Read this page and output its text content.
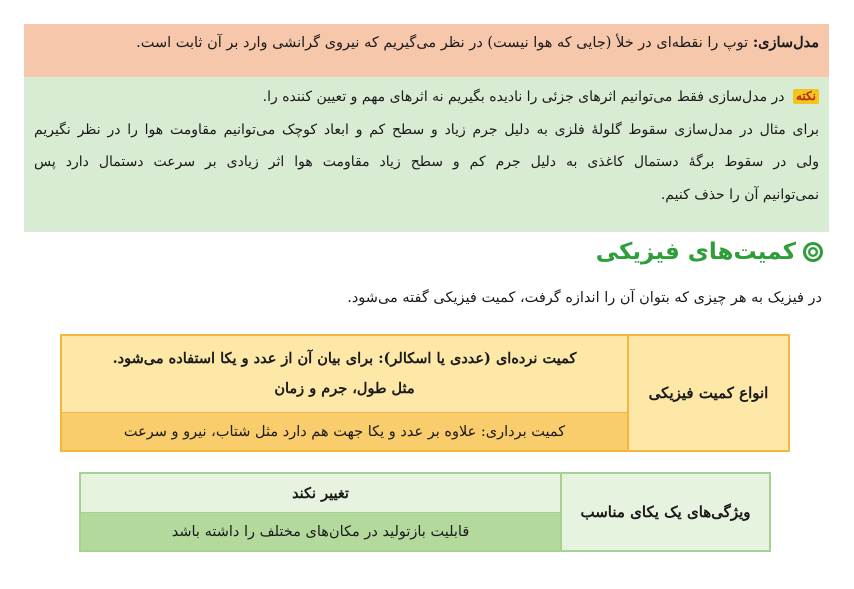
مدل‌سازی: توپ را نقطه‌ای در خلأ (جایی که هوا نیست) در نظر می‌گیریم که نیروی گرانشی وارد بر آن ثابت است.
نکته در مدل‌سازی فقط می‌توانیم اثرهای جزئی را نادیده بگیریم نه اثرهای مهم و تعیین کننده را.
برای مثال در مدل‌سازی سقوط گلولهٔ فلزی به دلیل جرم زیاد و سطح کم و ابعاد کوچک می‌توانیم مقاومت هوا را در نظر نگیریم
ولی در سقوط برگهٔ دستمال کاغذی به دلیل جرم کم و سطح زیاد مقاومت هوا اثر زیادی بر سرعت دستمال دارد پس
نمی‌توانیم آن را حذف کنیم.
کمیت‌های فیزیکی
در فیزیک به هر چیزی که بتوان آن را اندازه گرفت، کمیت فیزیکی گفته می‌شود.
انواع کمیت فیزیکی
کمیت نرده‌ای (عددی یا اسکالر): برای بیان آن از عدد و یکا استفاده می‌شود.
مثل طول، جرم و زمان
کمیت برداری: علاوه بر عدد و یکا جهت هم دارد مثل شتاب، نیرو و سرعت
ویژگی‌های یک یکای مناسب
تغییر نکند
قابلیت بازتولید در مکان‌های مختلف را داشته باشد
